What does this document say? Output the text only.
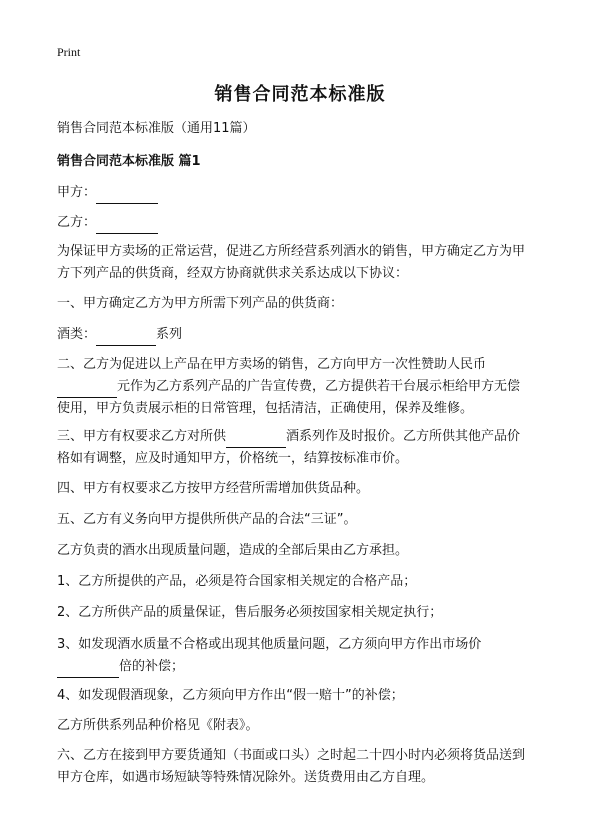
Print
销售合同范本标准版
销售合同范本标准版（通用11篇）
销售合同范本标准版 篇1
甲方：
乙方：
为保证甲方卖场的正常运营，促进乙方所经营系列酒水的销售，甲方确定乙方为甲
方下列产品的供货商，经双方协商就供求关系达成以下协议：
一、甲方确定乙方为甲方所需下列产品的供货商：
酒类：	系列
二、乙方为促进以上产品在甲方卖场的销售，乙方向甲方一次性赞助人民币
元作为乙方系列产品的广告宣传费，乙方提供若干台展示柜给甲方无偿
使用，甲方负责展示柜的日常管理，包括清洁，正确使用，保养及维修。
三、甲方有权要求乙方对所供	酒系列作及时报价。乙方所供其他产品价
格如有调整，应及时通知甲方，价格统一，结算按标准市价。
四、甲方有权要求乙方按甲方经营所需增加供货品种。
五、乙方有义务向甲方提供所供产品的合法“三证”。
乙方负责的酒水出现质量问题，造成的全部后果由乙方承担。
1、乙方所提供的产品，必须是符合国家相关规定的合格产品；
2、乙方所供产品的质量保证，售后服务必须按国家相关规定执行；
3、如发现酒水质量不合格或出现其他质量问题，乙方须向甲方作出市场价
倍的补偿；
4、如发现假酒现象，乙方须向甲方作出“假一赔十”的补偿；
乙方所供系列品种价格见《附表》。
六、乙方在接到甲方要货通知（书面或口头）之时起二十四小时内必须将货品送到
甲方仓库，如遇市场短缺等特殊情况除外。送货费用由乙方自理。
